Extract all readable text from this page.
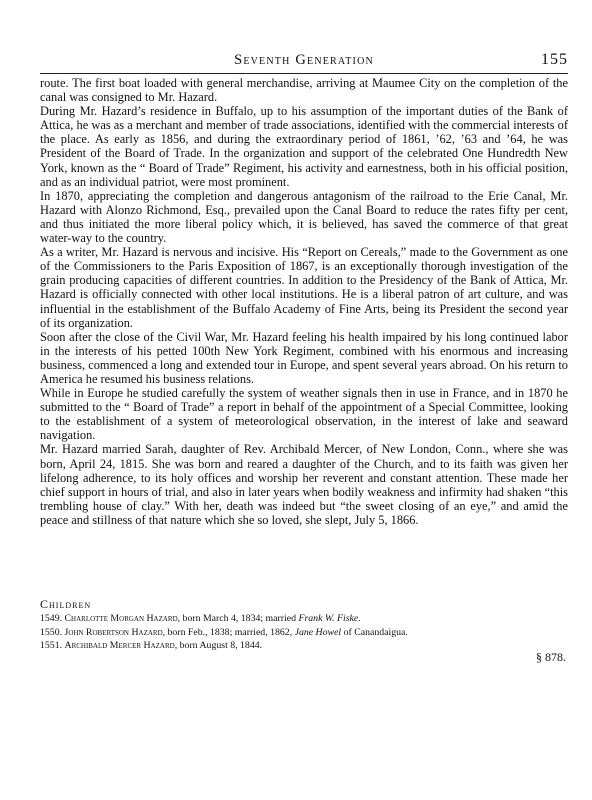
Seventh Generation	155

route. The first boat loaded with general merchandise, arriving at Maumee City on the completion of the canal was consigned to Mr. Hazard.

During Mr. Hazard’s residence in Buffalo, up to his assumption of the important duties of the Bank of Attica, he was as a merchant and member of trade associations, identified with the commercial interests of the place. As early as 1856, and during the extraordinary period of 1861, ’62, ’63 and ’64, he was President of the Board of Trade. In the organization and support of the celebrated One Hundredth New York, known as the “ Board of Trade” Regiment, his activity and earnestness, both in his official position, and as an individual patriot, were most prominent.

In 1870, appreciating the completion and dangerous antagonism of the railroad to the Erie Canal, Mr. Hazard with Alonzo Richmond, Esq., prevailed upon the Canal Board to reduce the rates fifty per cent, and thus initiated the more liberal policy which, it is believed, has saved the commerce of that great water-way to the country.

As a writer, Mr. Hazard is nervous and incisive. His “Report on Cereals,” made to the Government as one of the Commissioners to the Paris Exposition of 1867, is an exceptionally thorough investigation of the grain producing capacities of different countries. In addition to the Presidency of the Bank of Attica, Mr. Hazard is officially connected with other local institutions. He is a liberal patron of art culture, and was influential in the establishment of the Buffalo Academy of Fine Arts, being its President the second year of its organization.

Soon after the close of the Civil War, Mr. Hazard feeling his health impaired by his long continued labor in the interests of his petted 100th New York Regiment, combined with his enormous and increasing business, commenced a long and extended tour in Europe, and spent several years abroad. On his return to America he resumed his business relations.

While in Europe he studied carefully the system of weather signals then in use in France, and in 1870 he submitted to the “ Board of Trade” a report in behalf of the appointment of a Special Committee, looking to the establishment of a system of meteorological observation, in the interest of lake and seaward navigation.

Mr. Hazard married Sarah, daughter of Rev. Archibald Mercer, of New London, Conn., where she was born, April 24, 1815. She was born and reared a daughter of the Church, and to its faith was given her lifelong adherence, to its holy offices and worship her reverent and constant attention. These made her chief support in hours of trial, and also in later years when bodily weakness and infirmity had shaken “this trembling house of clay.” With her, death was indeed but “the sweet closing of an eye,” and amid the peace and stillness of that nature which she so loved, she slept, July 5, 1866.

Children
1549. Charlotte Morgan Hazard, born March 4, 1834; married Frank W. Fiske.
1550. John Robertson Hazard, born Feb., 1838; married, 1862, Jane Howel of Canandaigua.
1551. Archibald Mercer Hazard, born August 8, 1844.
§ 878.
